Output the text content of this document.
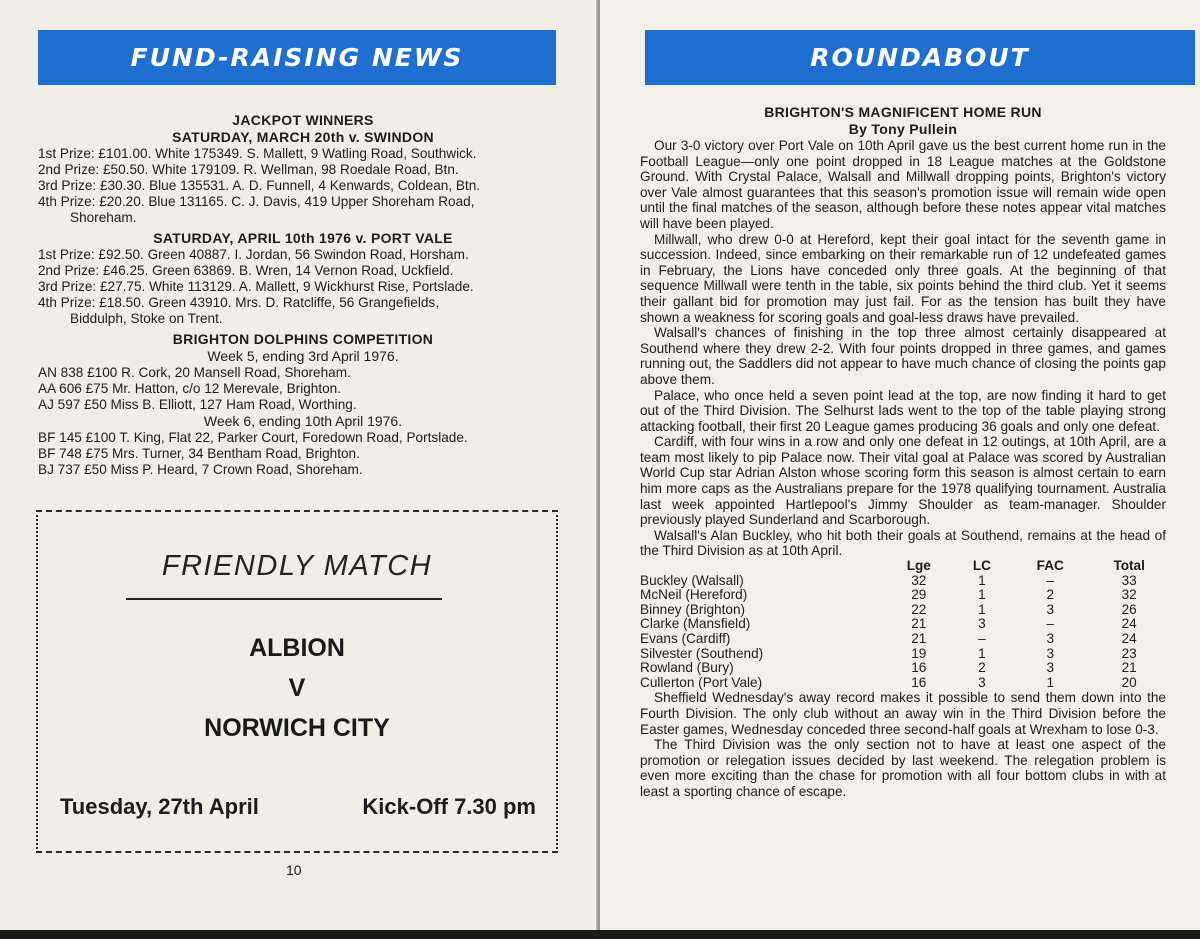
FUND-RAISING NEWS
JACKPOT WINNERS
SATURDAY, MARCH 20th v. SWINDON
1st Prize: £101.00. White 175349. S. Mallett, 9 Watling Road, Southwick.
2nd Prize: £50.50. White 179109. R. Wellman, 98 Roedale Road, Btn.
3rd Prize: £30.30. Blue 135531. A. D. Funnell, 4 Kenwards, Coldean, Btn.
4th Prize: £20.20. Blue 131165. C. J. Davis, 419 Upper Shoreham Road,
Shoreham.
SATURDAY, APRIL 10th 1976 v. PORT VALE
1st Prize: £92.50. Green 40887. I. Jordan, 56 Swindon Road, Horsham.
2nd Prize: £46.25. Green 63869. B. Wren, 14 Vernon Road, Uckfield.
3rd Prize: £27.75. White 113129. A. Mallett, 9 Wickhurst Rise, Portslade.
4th Prize: £18.50. Green 43910. Mrs. D. Ratcliffe, 56 Grangefields,
Biddulph, Stoke on Trent.
BRIGHTON DOLPHINS COMPETITION
Week 5, ending 3rd April 1976.
AN 838 £100 R. Cork, 20 Mansell Road, Shoreham.
AA 606 £75 Mr. Hatton, c/o 12 Merevale, Brighton.
AJ 597 £50 Miss B. Elliott, 127 Ham Road, Worthing.
Week 6, ending 10th April 1976.
BF 145 £100 T. King, Flat 22, Parker Court, Foredown Road, Portslade.
BF 748 £75 Mrs. Turner, 34 Bentham Road, Brighton.
BJ 737 £50 Miss P. Heard, 7 Crown Road, Shoreham.
FRIENDLY MATCH
ALBION
V
NORWICH CITY
Tuesday, 27th April	Kick-Off 7.30 pm
10
ROUNDABOUT
BRIGHTON'S MAGNIFICENT HOME RUN
By Tony Pullein
Our 3-0 victory over Port Vale on 10th April gave us the best current home run in the Football League—only one point dropped in 18 League matches at the Goldstone Ground. With Crystal Palace, Walsall and Millwall dropping points, Brighton's victory over Vale almost guarantees that this season's promotion issue will remain wide open until the final matches of the season, although before these notes appear vital matches will have been played.
Millwall, who drew 0-0 at Hereford, kept their goal intact for the seventh game in succession. Indeed, since embarking on their remarkable run of 12 undefeated games in February, the Lions have conceded only three goals. At the beginning of that sequence Millwall were tenth in the table, six points behind the third club. Yet it seems their gallant bid for promotion may just fail. For as the tension has built they have shown a weakness for scoring goals and goal-less draws have prevailed.
Walsall's chances of finishing in the top three almost certainly disappeared at Southend where they drew 2-2. With four points dropped in three games, and games running out, the Saddlers did not appear to have much chance of closing the points gap above them.
Palace, who once held a seven point lead at the top, are now finding it hard to get out of the Third Division. The Selhurst lads went to the top of the table playing strong attacking football, their first 20 League games producing 36 goals and only one defeat.
Cardiff, with four wins in a row and only one defeat in 12 outings, at 10th April, are a team most likely to pip Palace now. Their vital goal at Palace was scored by Australian World Cup star Adrian Alston whose scoring form this season is almost certain to earn him more caps as the Australians prepare for the 1978 qualifying tournament. Australia last week appointed Hartlepool's Jimmy Shoulder as team-manager. Shoulder previously played Sunderland and Scarborough.
Walsall's Alan Buckley, who hit both their goals at Southend, remains at the head of the Third Division as at 10th April.
	Lge	LC	FAC	Total
Buckley (Walsall)	32	1	–	33
McNeil (Hereford)	29	1	2	32
Binney (Brighton)	22	1	3	26
Clarke (Mansfield)	21	3	–	24
Evans (Cardiff)	21	–	3	24
Silvester (Southend)	19	1	3	23
Rowland (Bury)	16	2	3	21
Cullerton (Port Vale)	16	3	1	20
Sheffield Wednesday's away record makes it possible to send them down into the Fourth Division. The only club without an away win in the Third Division before the Easter games, Wednesday conceded three second-half goals at Wrexham to lose 0-3.
The Third Division was the only section not to have at least one aspect of the promotion or relegation issues decided by last weekend. The relegation problem is even more exciting than the chase for promotion with all four bottom clubs in with at least a sporting chance of escape.
